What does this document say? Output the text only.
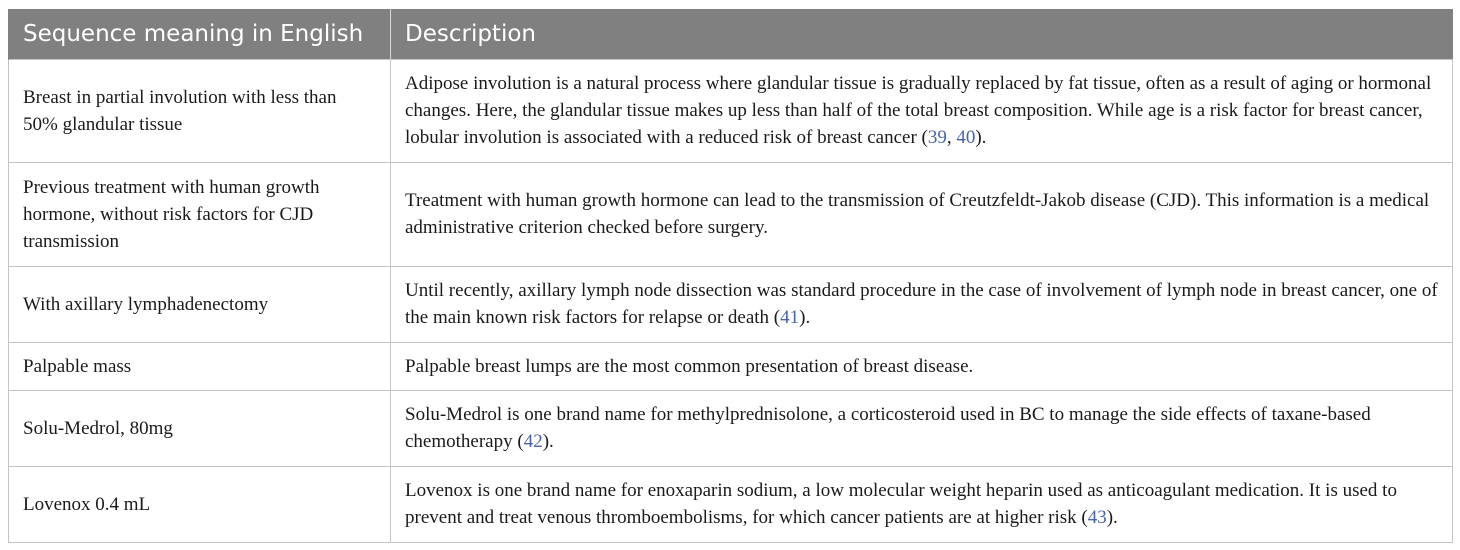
Sequence meaning in English	Description
Breast in partial involution with less than 50% glandular tissue	Adipose involution is a natural process where glandular tissue is gradually replaced by fat tissue, often as a result of aging or hormonal changes. Here, the glandular tissue makes up less than half of the total breast composition. While age is a risk factor for breast cancer, lobular involution is associated with a reduced risk of breast cancer (39, 40).
Previous treatment with human growth hormone, without risk factors for CJD transmission	Treatment with human growth hormone can lead to the transmission of Creutzfeldt-Jakob disease (CJD). This information is a medical administrative criterion checked before surgery.
With axillary lymphadenectomy	Until recently, axillary lymph node dissection was standard procedure in the case of involvement of lymph node in breast cancer, one of the main known risk factors for relapse or death (41).
Palpable mass	Palpable breast lumps are the most common presentation of breast disease.
Solu-Medrol, 80mg	Solu-Medrol is one brand name for methylprednisolone, a corticosteroid used in BC to manage the side effects of taxane-based chemotherapy (42).
Lovenox 0.4 mL	Lovenox is one brand name for enoxaparin sodium, a low molecular weight heparin used as anticoagulant medication. It is used to prevent and treat venous thromboembolisms, for which cancer patients are at higher risk (43).
